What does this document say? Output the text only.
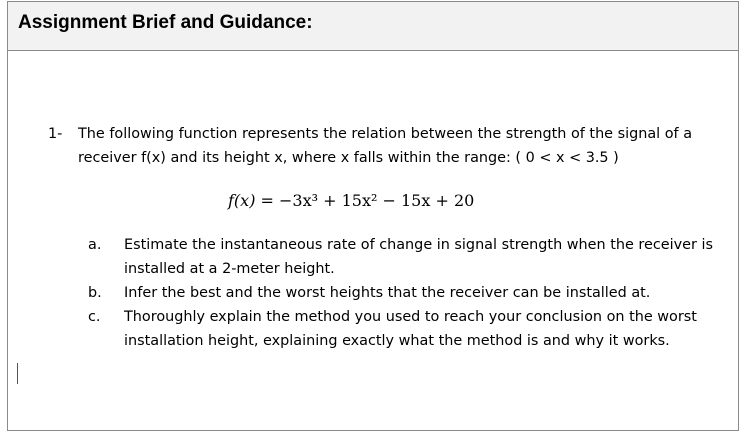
Assignment Brief and Guidance:
1- The following function represents the relation between the strength of the signal of a receiver f(x) and its height x, where x falls within the range: ( 0 < x < 3.5 )
f(x) = −3x³ + 15x² − 15x + 20
a. Estimate the instantaneous rate of change in signal strength when the receiver is installed at a 2-meter height.
b. Infer the best and the worst heights that the receiver can be installed at.
c. Thoroughly explain the method you used to reach your conclusion on the worst installation height, explaining exactly what the method is and why it works.
